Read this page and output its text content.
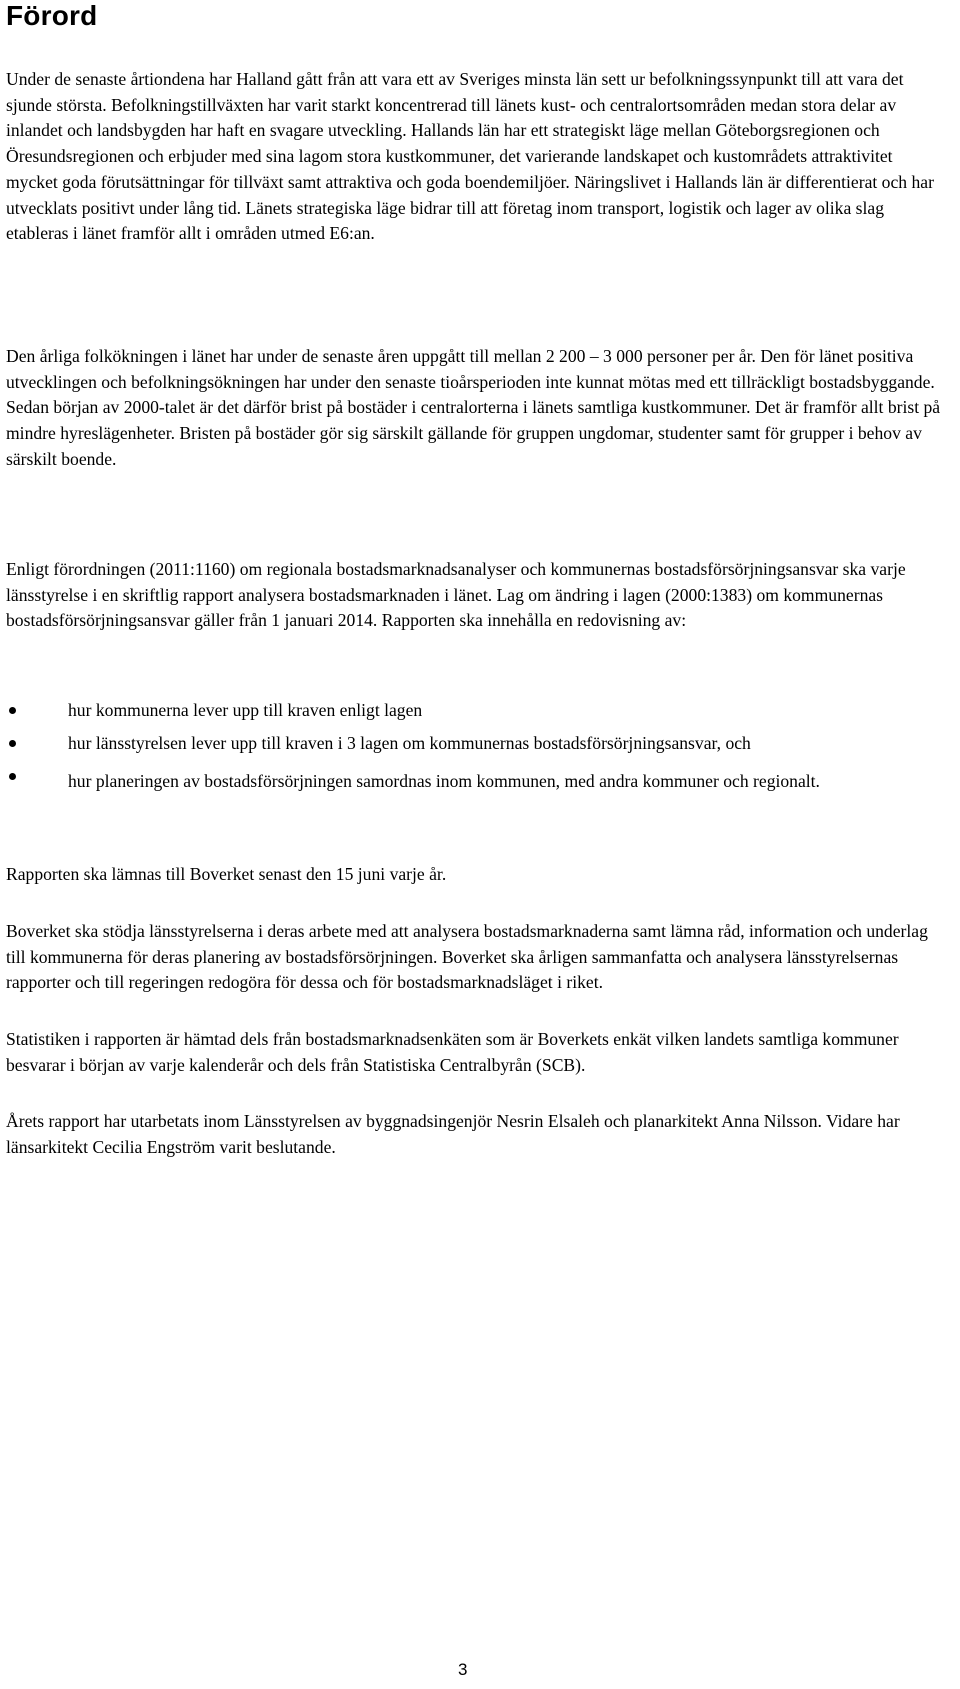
Förord

Under de senaste årtiondena har Halland gått från att vara ett av Sveriges minsta län sett ur befolkningssynpunkt till att vara det sjunde största. Befolkningstillväxten har varit starkt koncentrerad till länets kust- och centralortsområden medan stora delar av inlandet och landsbygden har haft en svagare utveckling. Hallands län har ett strategiskt läge mellan Göteborgsregionen och Öresundsregionen och erbjuder med sina lagom stora kustkommuner, det varierande landskapet och kustområdets attraktivitet mycket goda förutsättningar för tillväxt samt attraktiva och goda boendemiljöer. Näringslivet i Hallands län är differentierat och har utvecklats positivt under lång tid. Länets strategiska läge bidrar till att företag inom transport, logistik och lager av olika slag etableras i länet framför allt i områden utmed E6:an.

Den årliga folkökningen i länet har under de senaste åren uppgått till mellan 2 200 – 3 000 personer per år. Den för länet positiva utvecklingen och befolkningsökningen har under den senaste tioårsperioden inte kunnat mötas med ett tillräckligt bostadsbyggande. Sedan början av 2000-talet är det därför brist på bostäder i centralorterna i länets samtliga kustkommuner. Det är framför allt brist på mindre hyreslägenheter. Bristen på bostäder gör sig särskilt gällande för gruppen ungdomar, studenter samt för grupper i behov av särskilt boende.

Enligt förordningen (2011:1160) om regionala bostadsmarknadsanalyser och kommunernas bostadsförsörjningsansvar ska varje länsstyrelse i en skriftlig rapport analysera bostadsmarknaden i länet. Lag om ändring i lagen (2000:1383) om kommunernas bostadsförsörjningsansvar gäller från 1 januari 2014. Rapporten ska innehålla en redovisning av:

hur kommunerna lever upp till kraven enligt lagen
hur länsstyrelsen lever upp till kraven i 3 lagen om kommunernas bostadsförsörjningsansvar, och
hur planeringen av bostadsförsörjningen samordnas inom kommunen, med andra kommuner och regionalt.

Rapporten ska lämnas till Boverket senast den 15 juni varje år.

Boverket ska stödja länsstyrelserna i deras arbete med att analysera bostadsmarknaderna samt lämna råd, information och underlag till kommunerna för deras planering av bostadsförsörjningen. Boverket ska årligen sammanfatta och analysera länsstyrelsernas rapporter och till regeringen redogöra för dessa och för bostadsmarknadsläget i riket.

Statistiken i rapporten är hämtad dels från bostadsmarknadsenkäten som är Boverkets enkät vilken landets samtliga kommuner besvarar i början av varje kalenderår och dels från Statistiska Centralbyrån (SCB).

Årets rapport har utarbetats inom Länsstyrelsen av byggnadsingenjör Nesrin Elsaleh och planarkitekt Anna Nilsson. Vidare har länsarkitekt Cecilia Engström varit beslutande.

3
